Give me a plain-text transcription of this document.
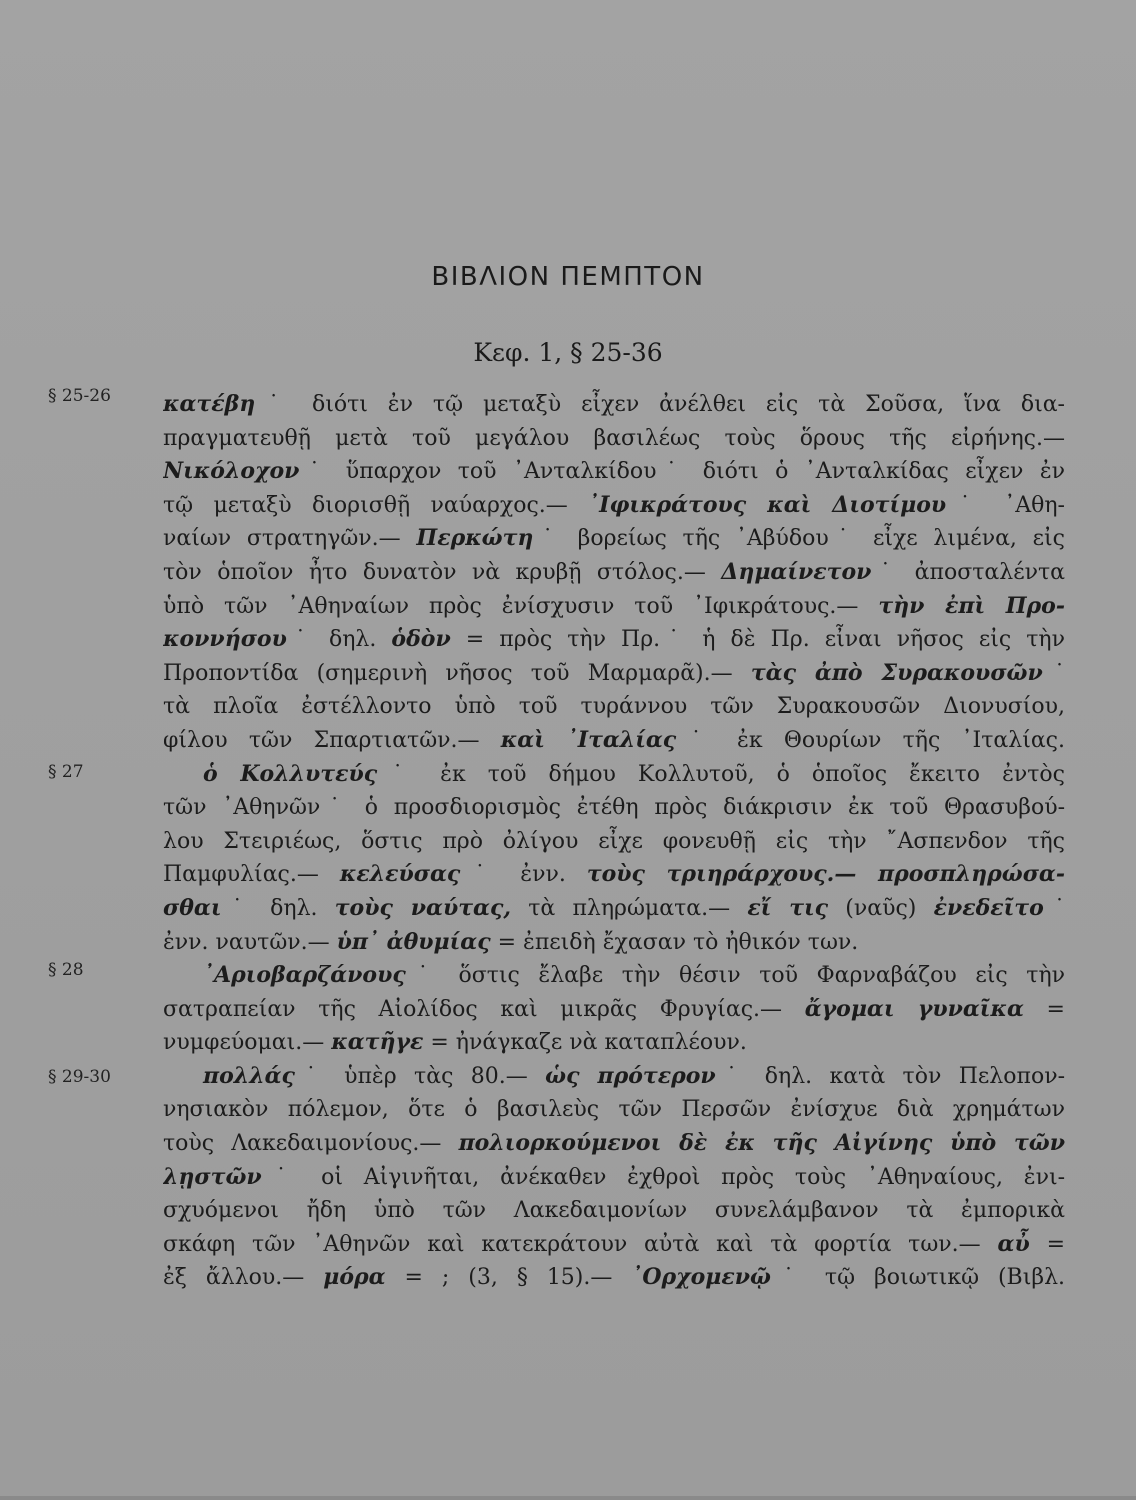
ΒΙΒΛΙΟΝ ΠΕΜΠΤΟΝ
Κεφ. 1, § 25-36
§ 25-26
§ 27
§ 28
§ 29-30
κατέβη˙ διότι ἐν τῷ μεταξὺ εἶχεν ἀνέλθει εἰς τὰ Σοῦσα, ἵνα δια-
πραγματευθῇ μετὰ τοῦ μεγάλου βασιλέως τοὺς ὅρους τῆς εἰρήνης.—
Νικόλοχον˙ ὕπαρχον τοῦ ᾿Ανταλκίδου˙ διότι ὁ ᾿Ανταλκίδας εἶχεν ἐν
τῷ μεταξὺ διορισθῇ ναύαρχος.— ᾿Ιφικράτους καὶ Διοτίμου˙ ᾿Αθη-
ναίων στρατηγῶν.— Περκώτη˙ βορείως τῆς ᾿Αβύδου˙ εἶχε λιμένα, εἰς
τὸν ὁποῖον ἦτο δυνατὸν νὰ κρυβῇ στόλος.— Δημαίνετον˙ ἀποσταλέντα
ὑπὸ τῶν ᾿Αθηναίων πρὸς ἐνίσχυσιν τοῦ ᾿Ιφικράτους.— τὴν ἐπὶ Προ-
κοννήσου˙ δηλ. ὁδὸν = πρὸς τὴν Πρ.˙ ἡ δὲ Πρ. εἶναι νῆσος εἰς τὴν
Προποντίδα (σημερινὴ νῆσος τοῦ Μαρμαρᾶ).— τὰς ἀπὸ Συρακουσῶν˙
τὰ πλοῖα ἐστέλλοντο ὑπὸ τοῦ τυράννου τῶν Συρακουσῶν Διονυσίου,
φίλου τῶν Σπαρτιατῶν.— καὶ ᾿Ιταλίας˙ ἐκ Θουρίων τῆς ᾿Ιταλίας.
ὁ Κολλυτεύς˙ ἐκ τοῦ δήμου Κολλυτοῦ, ὁ ὁποῖος ἔκειτο ἐντὸς
τῶν ᾿Αθηνῶν˙ ὁ προσδιορισμὸς ἐτέθη πρὸς διάκρισιν ἐκ τοῦ Θρασυβού-
λου Στειριέως, ὅστις πρὸ ὀλίγου εἶχε φονευθῇ εἰς τὴν ῎Ασπενδον τῆς
Παμφυλίας.— κελεύσας˙ ἐνν. τοὺς τριηράρχους.— προσπληρώσα-
σθαι˙ δηλ. τοὺς ναύτας, τὰ πληρώματα.— εἴ τις (ναῦς) ἐνεδεῖτο˙
ἐνν. ναυτῶν.— ὑπ᾿ ἀθυμίας = ἐπειδὴ ἔχασαν τὸ ἠθικόν των.
᾿Αριοβαρζάνους˙ ὅστις ἔλαβε τὴν θέσιν τοῦ Φαρναβάζου εἰς τὴν
σατραπείαν τῆς Αἰολίδος καὶ μικρᾶς Φρυγίας.— ἄγομαι γυναῖκα =
νυμφεύομαι.— κατῆγε = ἠνάγκαζε νὰ καταπλέουν.
πολλάς˙ ὑπὲρ τὰς 80.— ὡς πρότερον˙ δηλ. κατὰ τὸν Πελοπον-
νησιακὸν πόλεμον, ὅτε ὁ βασιλεὺς τῶν Περσῶν ἐνίσχυε διὰ χρημάτων
τοὺς Λακεδαιμονίους.— πολιορκούμενοι δὲ ἐκ τῆς Αἰγίνης ὑπὸ τῶν
λῃστῶν˙ οἱ Αἰγινῆται, ἀνέκαθεν ἐχθροὶ πρὸς τοὺς ᾿Αθηναίους, ἐνι-
σχυόμενοι ἤδη ὑπὸ τῶν Λακεδαιμονίων συνελάμβανον τὰ ἐμπορικὰ
σκάφη τῶν ᾿Αθηνῶν καὶ κατεκράτουν αὐτὰ καὶ τὰ φορτία των.— αὖ =
ἐξ ἄλλου.— μόρα = ; (3, § 15).— ᾿Ορχομενῷ˙ τῷ βοιωτικῷ (Βιβλ.
